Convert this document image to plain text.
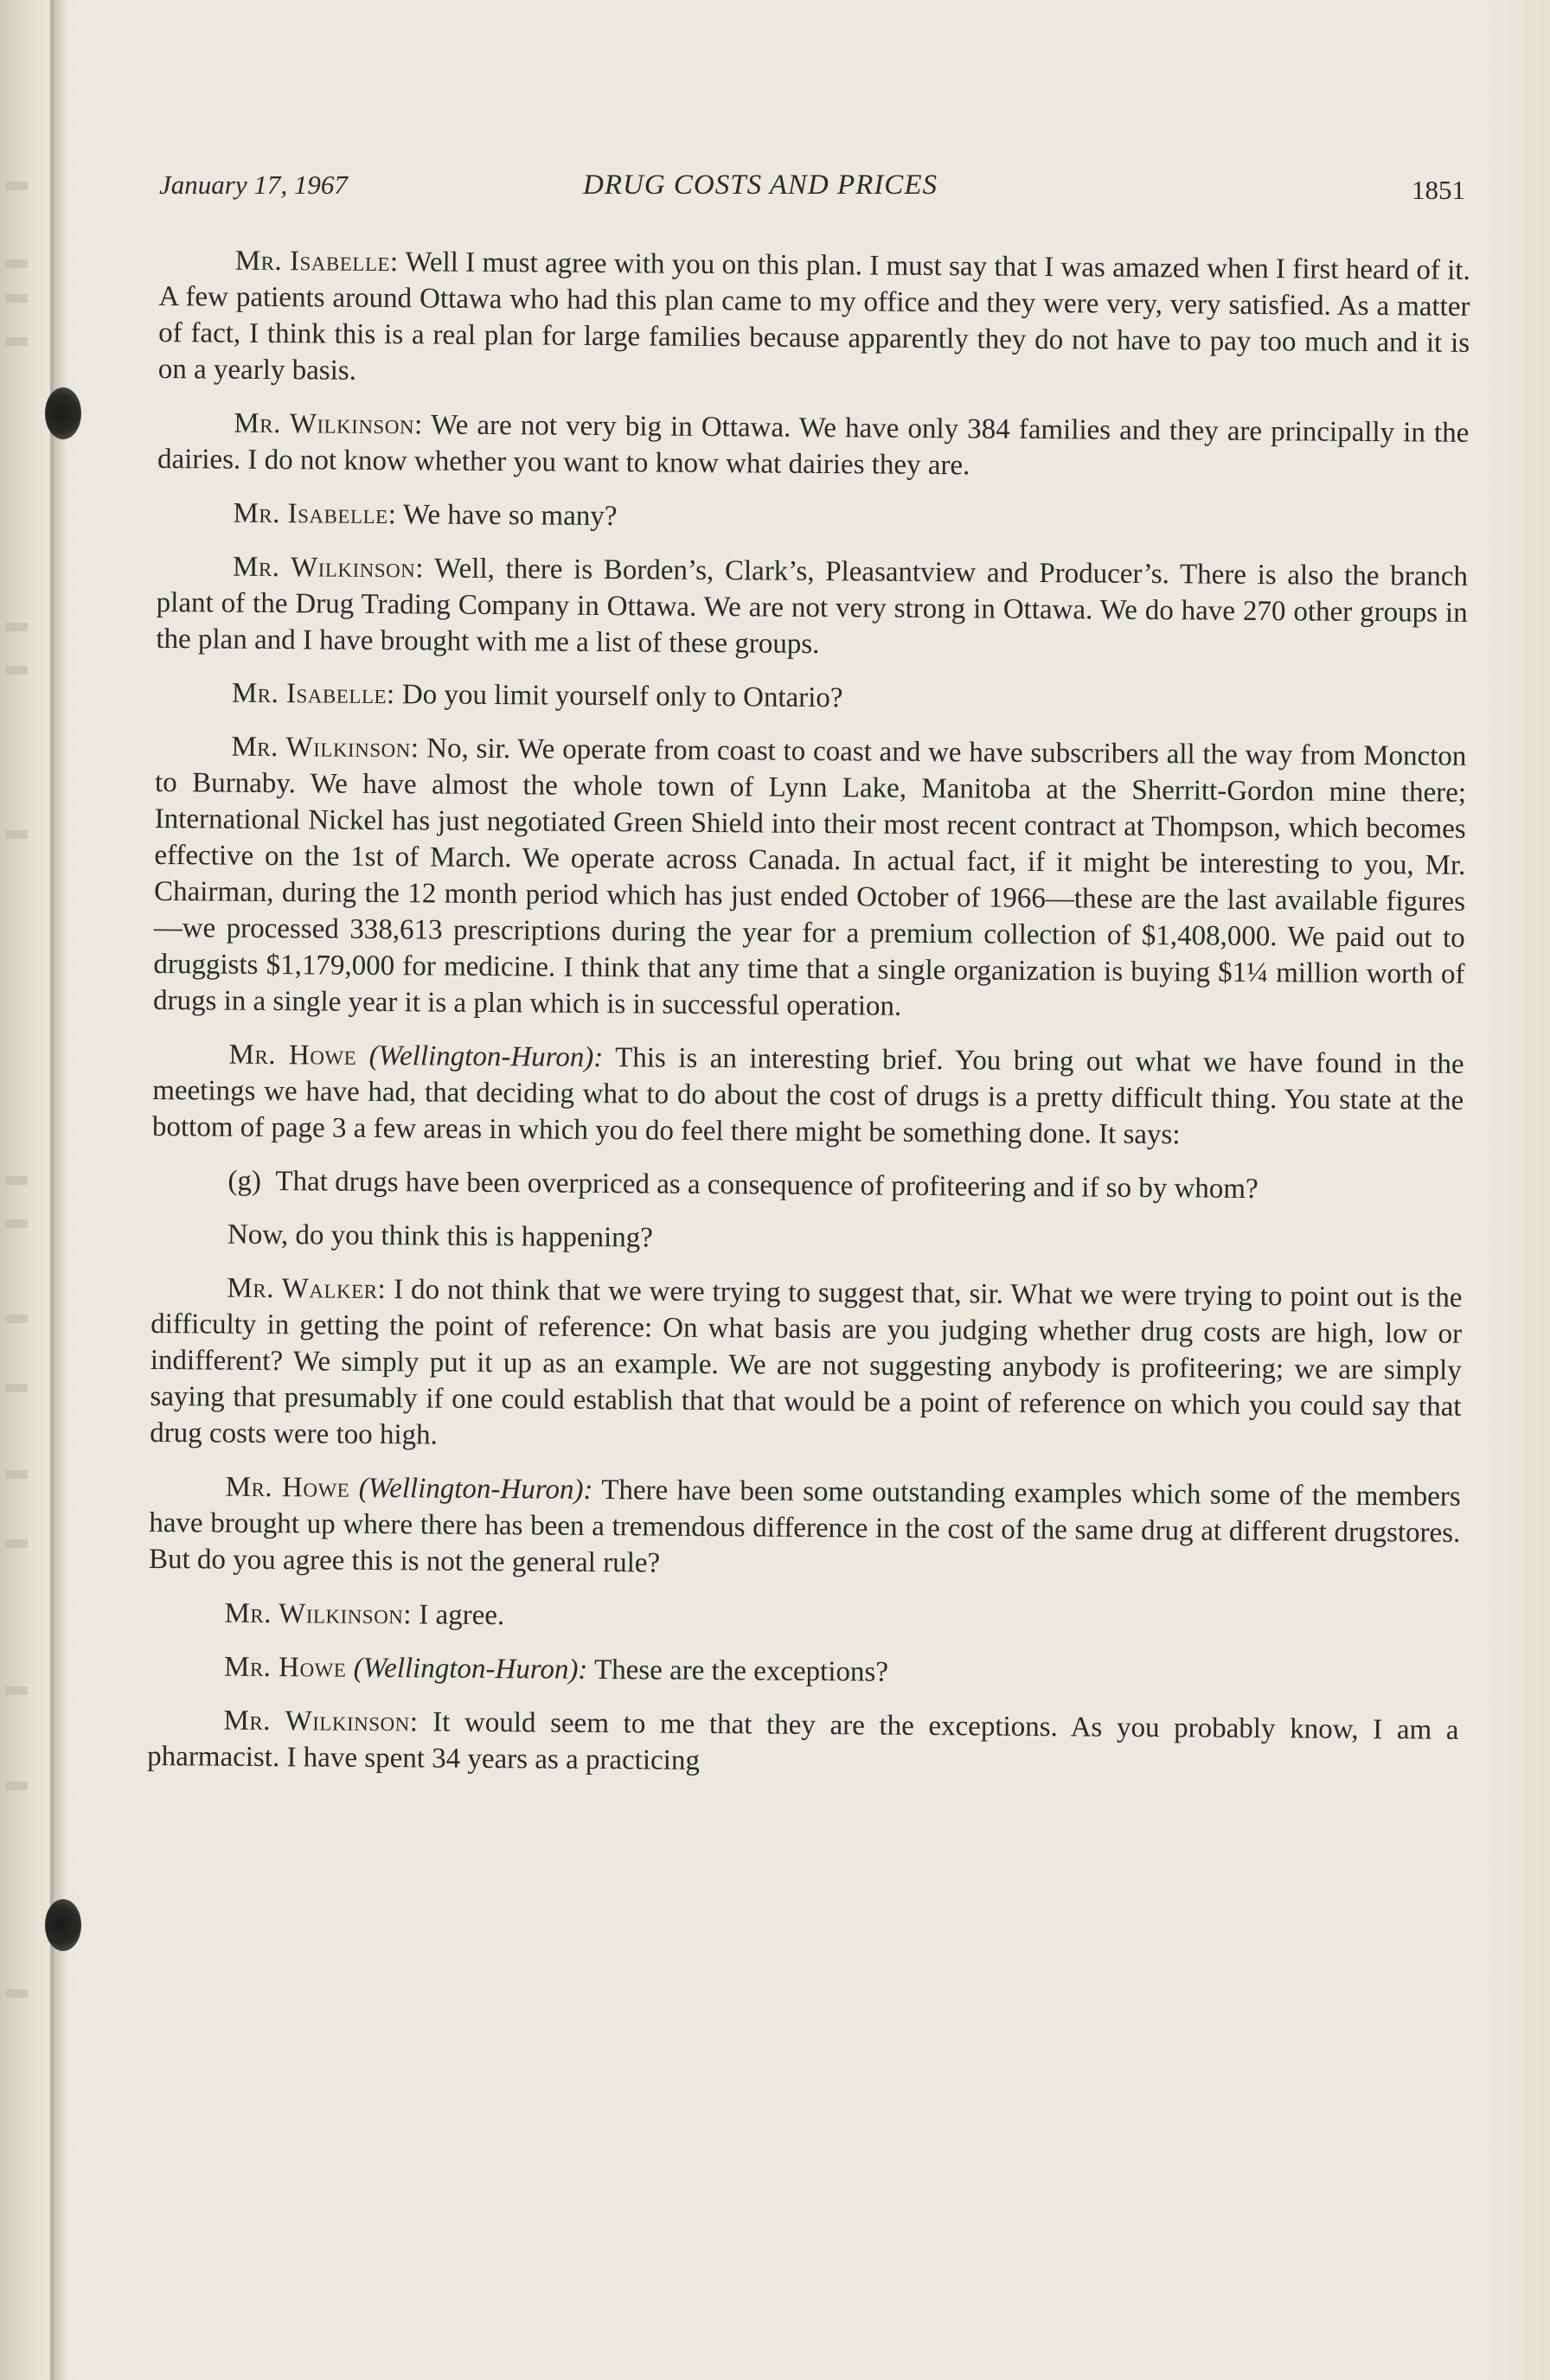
January 17, 1967	DRUG COSTS AND PRICES	1851

Mr. Isabelle: Well I must agree with you on this plan. I must say that I was amazed when I first heard of it. A few patients around Ottawa who had this plan came to my office and they were very, very satisfied. As a matter of fact, I think this is a real plan for large families because apparently they do not have to pay too much and it is on a yearly basis.

Mr. Wilkinson: We are not very big in Ottawa. We have only 384 families and they are principally in the dairies. I do not know whether you want to know what dairies they are.

Mr. Isabelle: We have so many?

Mr. Wilkinson: Well, there is Borden’s, Clark’s, Pleasantview and Producer’s. There is also the branch plant of the Drug Trading Company in Ottawa. We are not very strong in Ottawa. We do have 270 other groups in the plan and I have brought with me a list of these groups.

Mr. Isabelle: Do you limit yourself only to Ontario?

Mr. Wilkinson: No, sir. We operate from coast to coast and we have subscribers all the way from Moncton to Burnaby. We have almost the whole town of Lynn Lake, Manitoba at the Sherritt-Gordon mine there; International Nickel has just negotiated Green Shield into their most recent contract at Thompson, which becomes effective on the 1st of March. We operate across Canada. In actual fact, if it might be interesting to you, Mr. Chairman, during the 12 month period which has just ended October of 1966—these are the last available figures—we processed 338,613 prescriptions during the year for a premium collection of $1,408,000. We paid out to druggists $1,179,000 for medicine. I think that any time that a single organization is buying $1¼ million worth of drugs in a single year it is a plan which is in successful operation.

Mr. Howe (Wellington-Huron): This is an interesting brief. You bring out what we have found in the meetings we have had, that deciding what to do about the cost of drugs is a pretty difficult thing. You state at the bottom of page 3 a few areas in which you do feel there might be something done. It says:

(g) That drugs have been overpriced as a consequence of profiteering and if so by whom?

Now, do you think this is happening?

Mr. Walker: I do not think that we were trying to suggest that, sir. What we were trying to point out is the difficulty in getting the point of reference: On what basis are you judging whether drug costs are high, low or indifferent? We simply put it up as an example. We are not suggesting anybody is profiteering; we are simply saying that presumably if one could establish that that would be a point of reference on which you could say that drug costs were too high.

Mr. Howe (Wellington-Huron): There have been some outstanding examples which some of the members have brought up where there has been a tremendous difference in the cost of the same drug at different drugstores. But do you agree this is not the general rule?

Mr. Wilkinson: I agree.

Mr. Howe (Wellington-Huron): These are the exceptions?

Mr. Wilkinson: It would seem to me that they are the exceptions. As you probably know, I am a pharmacist. I have spent 34 years as a practicing
